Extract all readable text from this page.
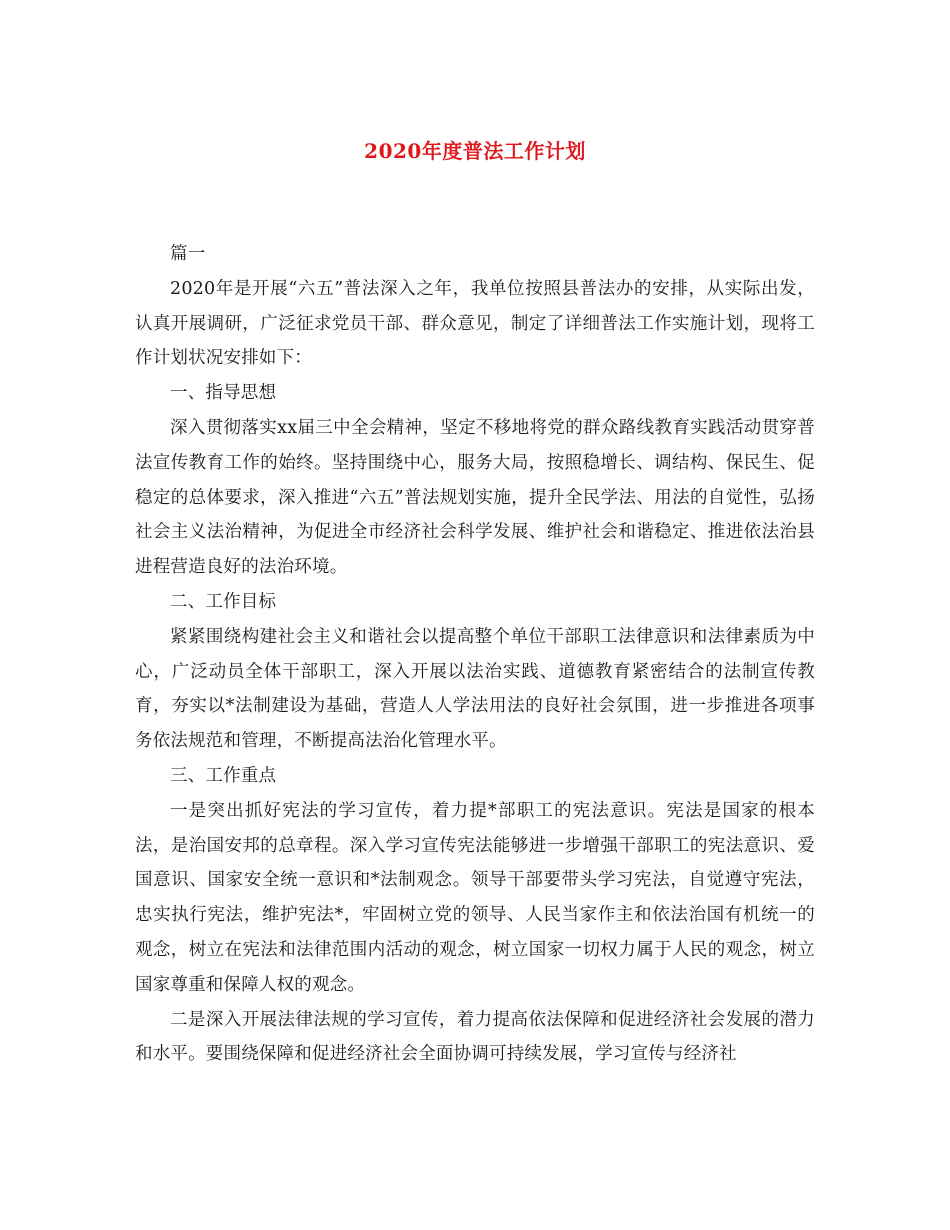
2020年度普法工作计划

篇一

2020年是开展“六五”普法深入之年，我单位按照县普法办的安排，从实际出发，认真开展调研，广泛征求党员干部、群众意见，制定了详细普法工作实施计划，现将工作计划状况安排如下：

一、指导思想

深入贯彻落实xx届三中全会精神，坚定不移地将党的群众路线教育实践活动贯穿普法宣传教育工作的始终。坚持围绕中心，服务大局，按照稳增长、调结构、保民生、促稳定的总体要求，深入推进“六五”普法规划实施，提升全民学法、用法的自觉性，弘扬社会主义法治精神，为促进全市经济社会科学发展、维护社会和谐稳定、推进依法治县进程营造良好的法治环境。

二、工作目标

紧紧围绕构建社会主义和谐社会以提高整个单位干部职工法律意识和法律素质为中心，广泛动员全体干部职工，深入开展以法治实践、道德教育紧密结合的法制宣传教育，夯实以*法制建设为基础，营造人人学法用法的良好社会氛围，进一步推进各项事务依法规范和管理，不断提高法治化管理水平。

三、工作重点

一是突出抓好宪法的学习宣传，着力提*部职工的宪法意识。宪法是国家的根本法，是治国安邦的总章程。深入学习宣传宪法能够进一步增强干部职工的宪法意识、爱国意识、国家安全统一意识和*法制观念。领导干部要带头学习宪法，自觉遵守宪法，忠实执行宪法，维护宪法*，牢固树立党的领导、人民当家作主和依法治国有机统一的观念，树立在宪法和法律范围内活动的观念，树立国家一切权力属于人民的观念，树立国家尊重和保障人权的观念。

二是深入开展法律法规的学习宣传，着力提高依法保障和促进经济社会发展的潜力和水平。要围绕保障和促进经济社会全面协调可持续发展，学习宣传与经济社
